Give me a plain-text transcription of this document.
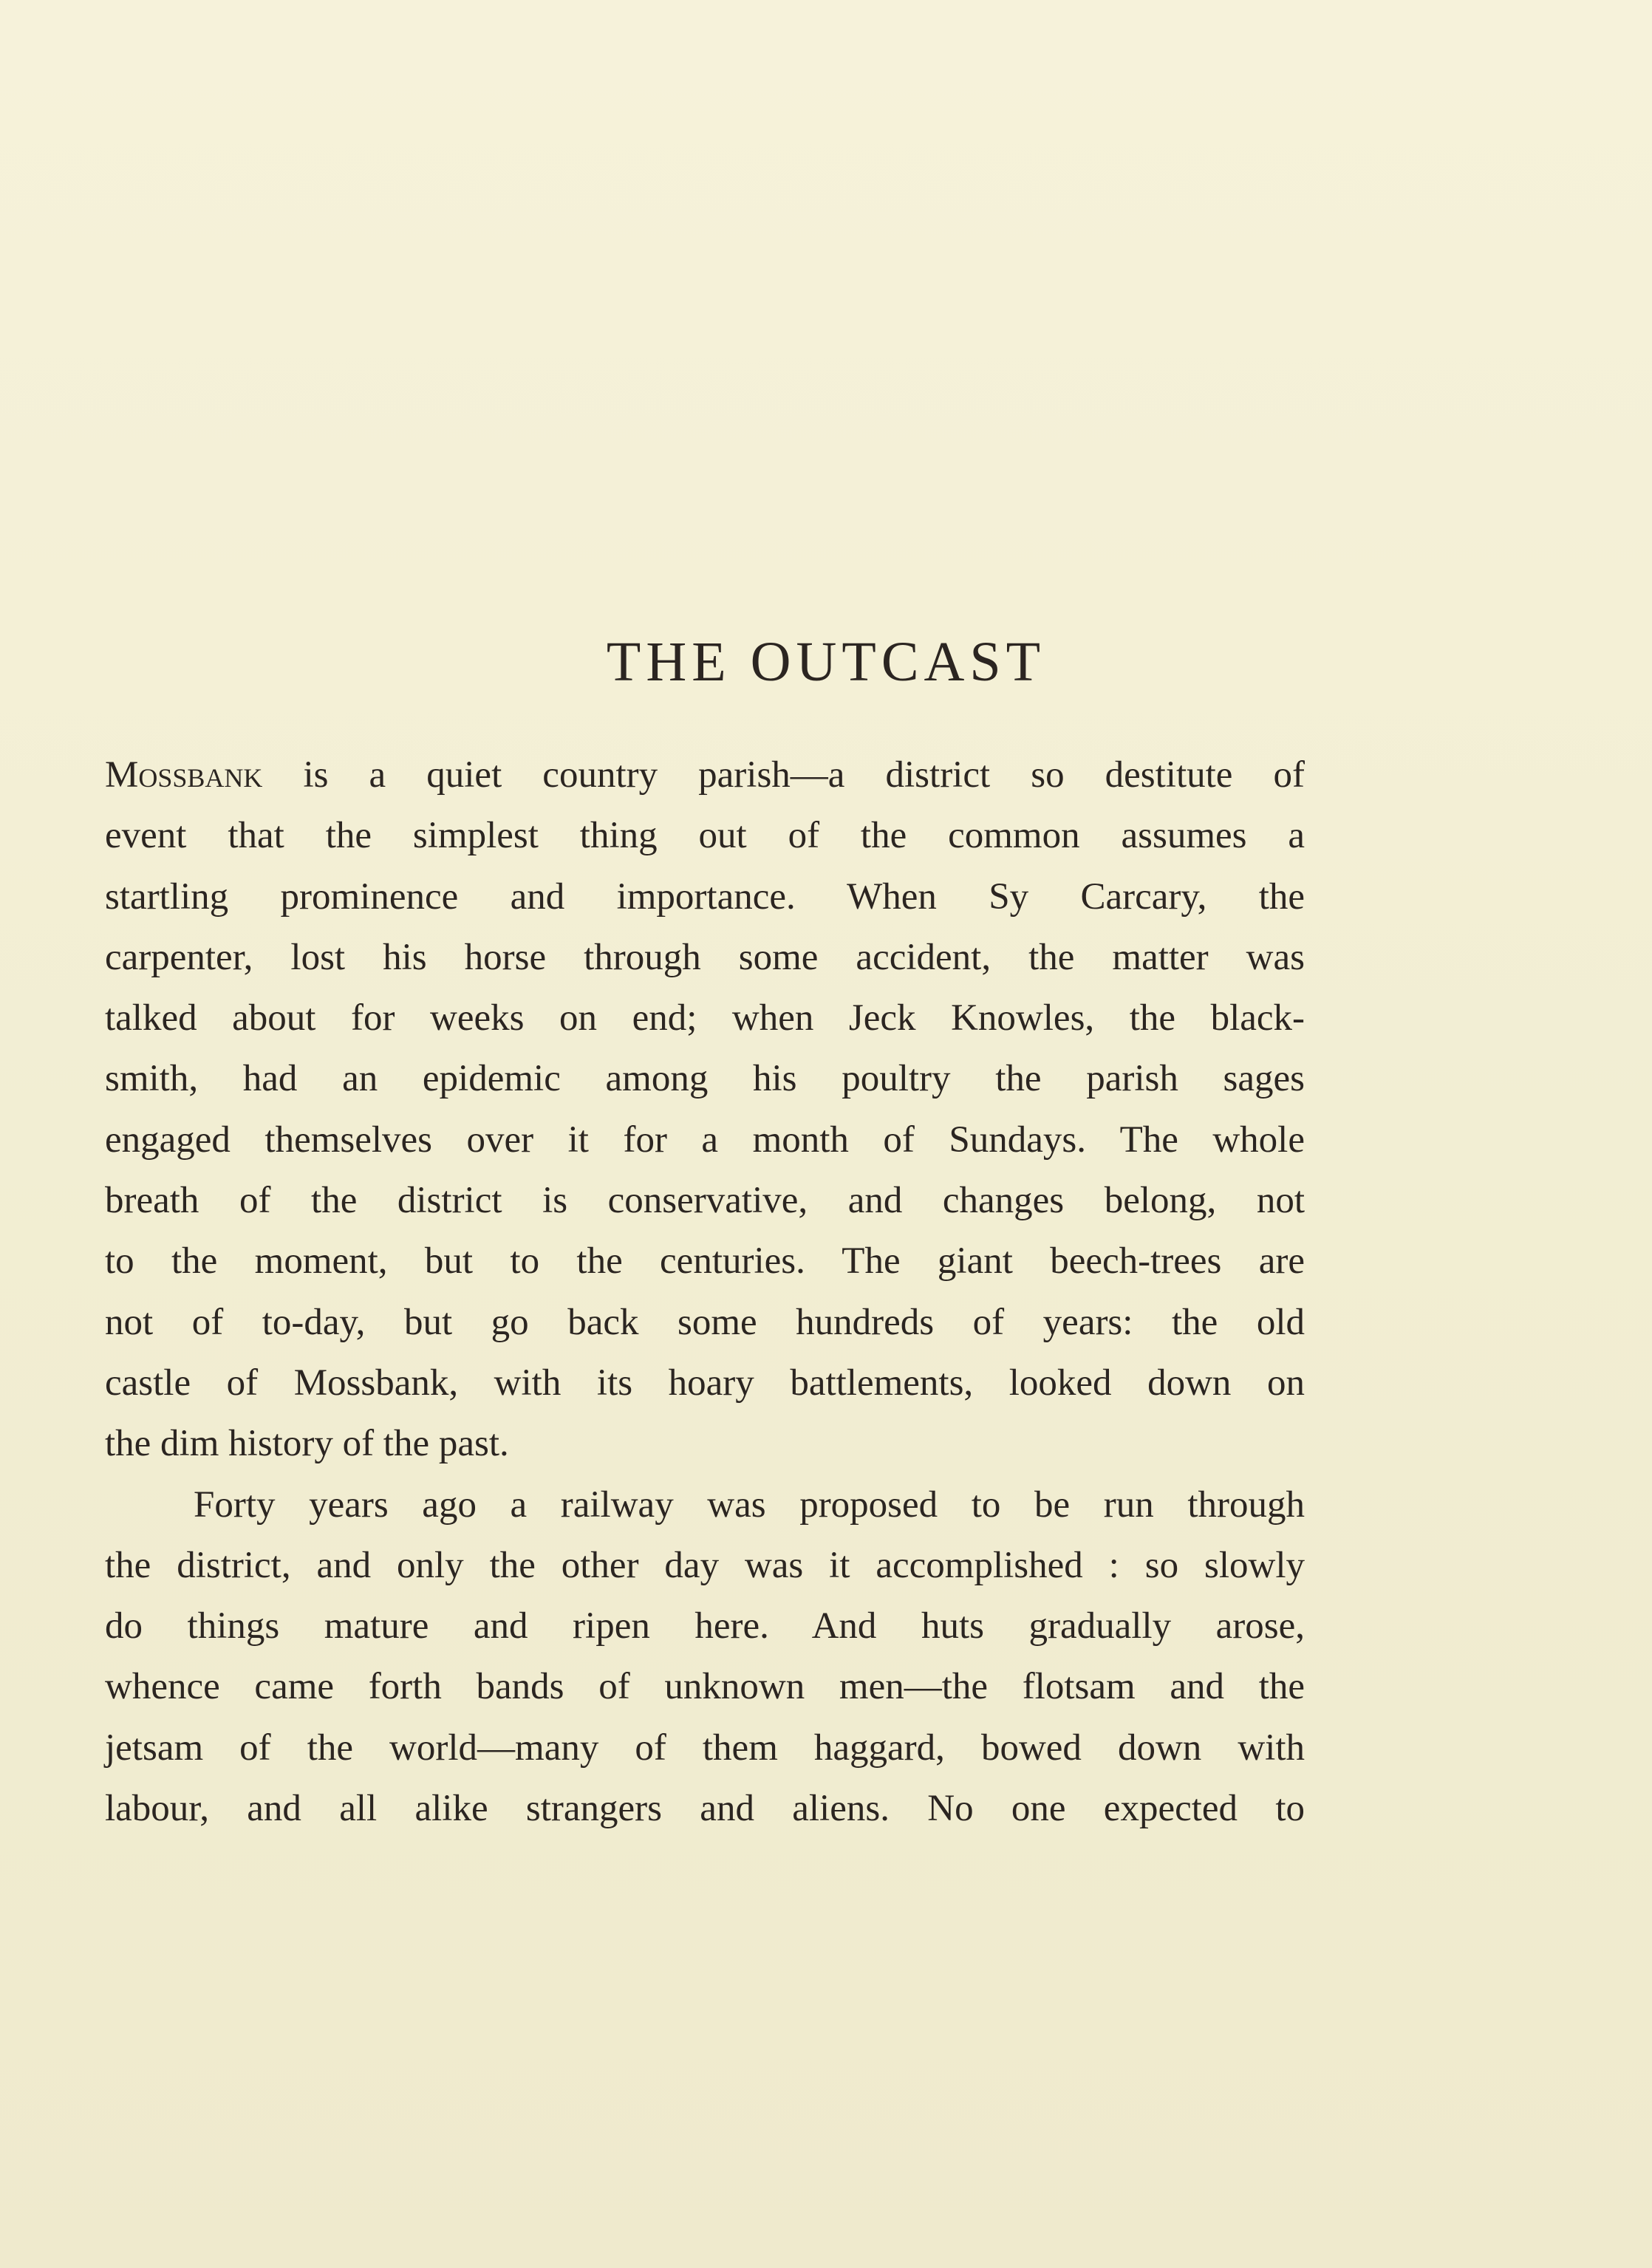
THE OUTCAST
Mossbank is a quiet country parish—a district so destitute of
event that the simplest thing out of the common assumes a
startling prominence and importance. When Sy Carcary, the
carpenter, lost his horse through some accident, the matter was
talked about for weeks on end; when Jeck Knowles, the black-
smith, had an epidemic among his poultry the parish sages
engaged themselves over it for a month of Sundays. The whole
breath of the district is conservative, and changes belong, not
to the moment, but to the centuries. The giant beech-trees are
not of to-day, but go back some hundreds of years: the old
castle of Mossbank, with its hoary battlements, looked down on
the dim history of the past.
Forty years ago a railway was proposed to be run through
the district, and only the other day was it accomplished : so slowly
do things mature and ripen here. And huts gradually arose,
whence came forth bands of unknown men—the flotsam and the
jetsam of the world—many of them haggard, bowed down with
labour, and all alike strangers and aliens. No one expected to
